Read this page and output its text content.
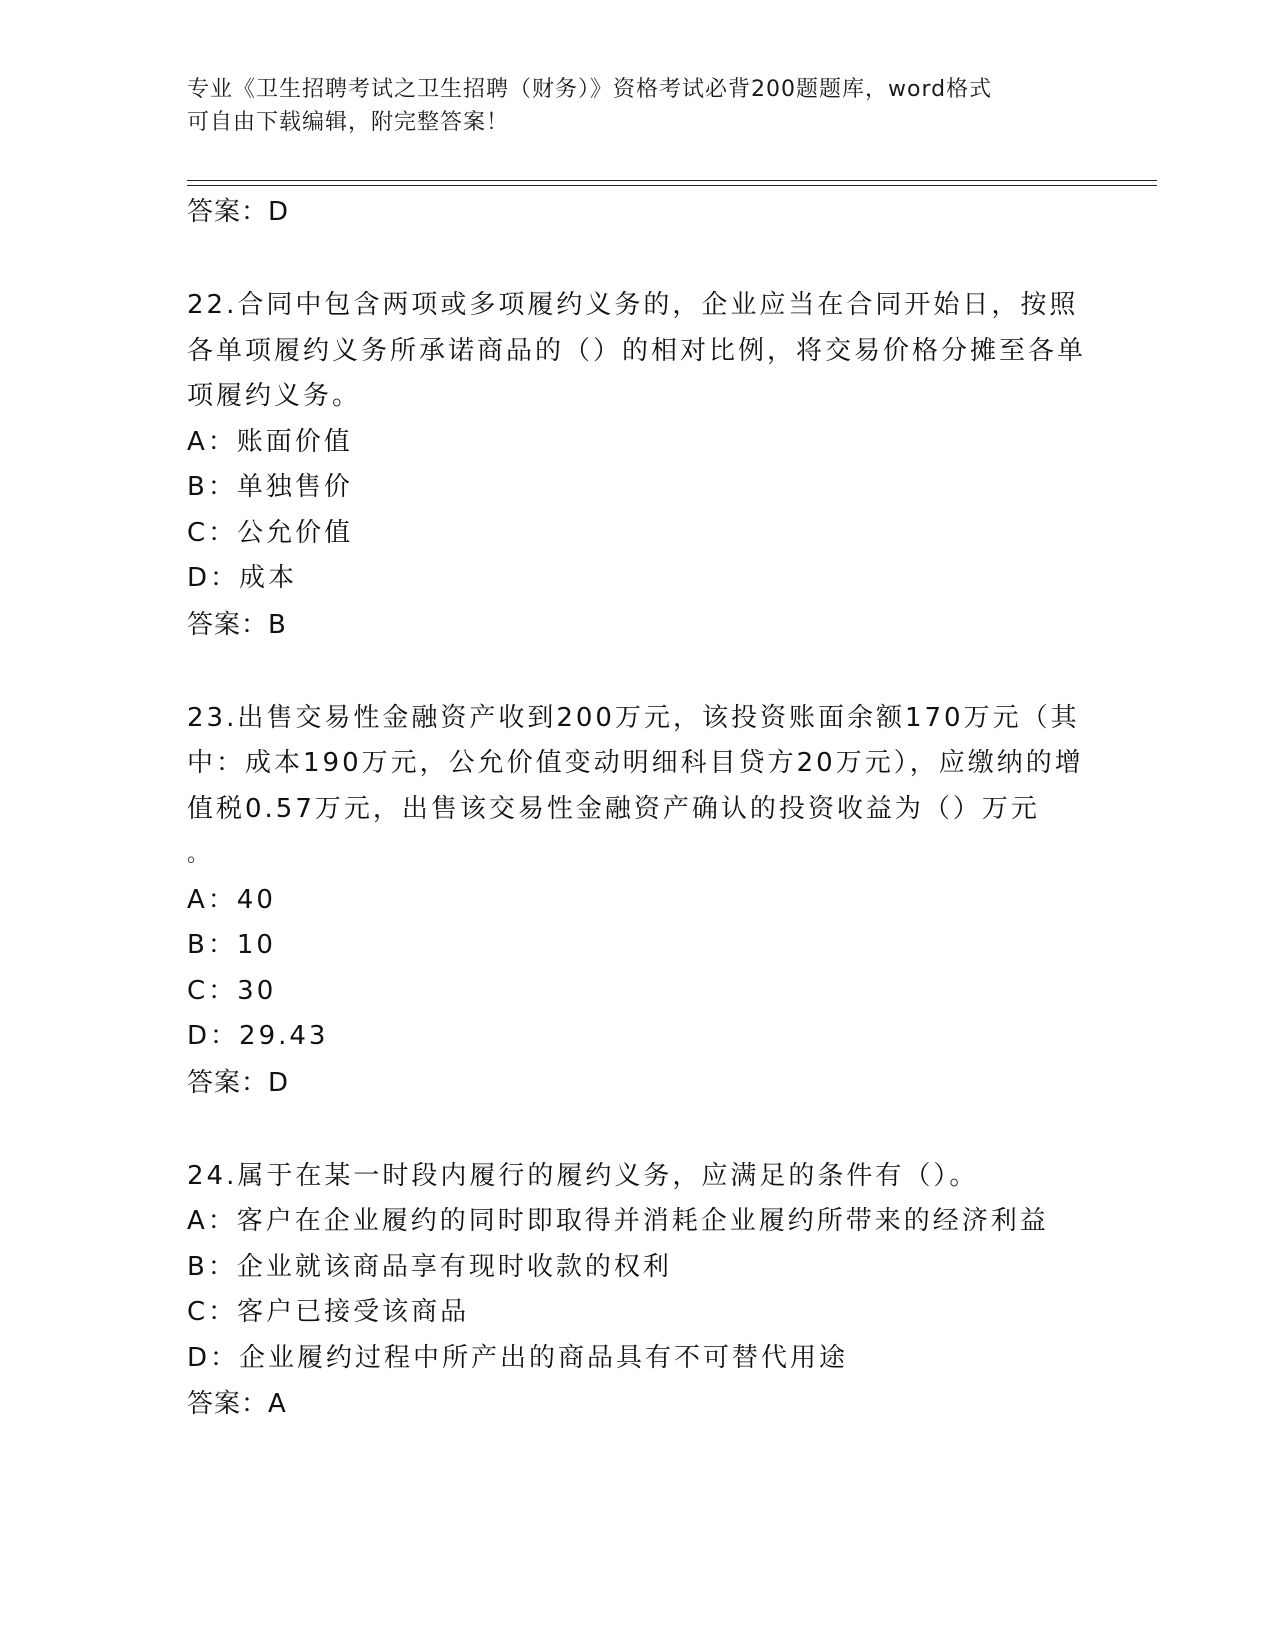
专业《卫生招聘考试之卫生招聘（财务）》资格考试必背200题题库，word格式
可自由下载编辑，附完整答案！
答案：D
22.合同中包含两项或多项履约义务的，企业应当在合同开始日，按照各单项履约义务所承诺商品的（）的相对比例，将交易价格分摊至各单项履约义务。
A：账面价值
B：单独售价
C：公允价值
D：成本
答案：B
23.出售交易性金融资产收到200万元，该投资账面余额170万元（其中：成本190万元，公允价值变动明细科目贷方20万元），应缴纳的增值税0.57万元，出售该交易性金融资产确认的投资收益为（）万元
。
A：40
B：10
C：30
D：29.43
答案：D
24.属于在某一时段内履行的履约义务，应满足的条件有（）。
A：客户在企业履约的同时即取得并消耗企业履约所带来的经济利益
B：企业就该商品享有现时收款的权利
C：客户已接受该商品
D：企业履约过程中所产出的商品具有不可替代用途
答案：A
